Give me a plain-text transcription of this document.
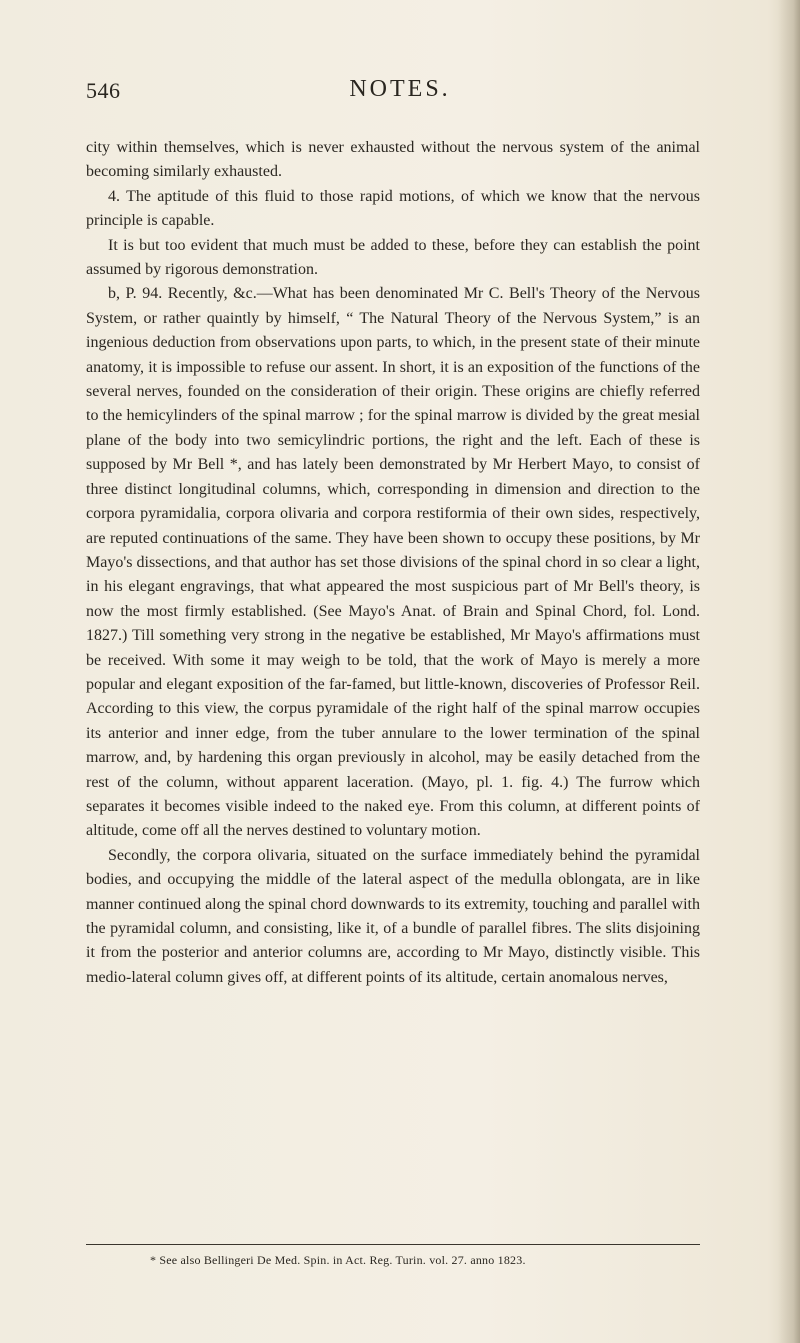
546	NOTES.

city within themselves, which is never exhausted without the nervous system of the animal becoming similarly exhausted.

4. The aptitude of this fluid to those rapid motions, of which we know that the nervous principle is capable.

It is but too evident that much must be added to these, before they can establish the point assumed by rigorous demonstration.

b, P. 94. Recently, &c.—What has been denominated Mr C. Bell's Theory of the Nervous System, or rather quaintly by himself, “ The Natural Theory of the Nervous System,” is an ingenious deduction from observations upon parts, to which, in the present state of their minute anatomy, it is impossible to refuse our assent. In short, it is an exposition of the functions of the several nerves, founded on the consideration of their origin. These origins are chiefly referred to the hemicylinders of the spinal marrow ; for the spinal marrow is divided by the great mesial plane of the body into two semicylindric portions, the right and the left. Each of these is supposed by Mr Bell *, and has lately been demonstrated by Mr Herbert Mayo, to consist of three distinct longitudinal columns, which, corresponding in dimension and direction to the corpora pyramidalia, corpora olivaria and corpora restiformia of their own sides, respectively, are reputed continuations of the same. They have been shown to occupy these positions, by Mr Mayo's dissections, and that author has set those divisions of the spinal chord in so clear a light, in his elegant engravings, that what appeared the most suspicious part of Mr Bell's theory, is now the most firmly established. (See Mayo's Anat. of Brain and Spinal Chord, fol. Lond. 1827.) Till something very strong in the negative be established, Mr Mayo's affirmations must be received. With some it may weigh to be told, that the work of Mayo is merely a more popular and elegant exposition of the far-famed, but little-known, discoveries of Professor Reil. According to this view, the corpus pyramidale of the right half of the spinal marrow occupies its anterior and inner edge, from the tuber annulare to the lower termination of the spinal marrow, and, by hardening this organ previously in alcohol, may be easily detached from the rest of the column, without apparent laceration. (Mayo, pl. 1. fig. 4.) The furrow which separates it becomes visible indeed to the naked eye. From this column, at different points of altitude, come off all the nerves destined to voluntary motion.

Secondly, the corpora olivaria, situated on the surface immediately behind the pyramidal bodies, and occupying the middle of the lateral aspect of the medulla oblongata, are in like manner continued along the spinal chord downwards to its extremity, touching and parallel with the pyramidal column, and consisting, like it, of a bundle of parallel fibres. The slits disjoining it from the posterior and anterior columns are, according to Mr Mayo, distinctly visible. This medio-lateral column gives off, at different points of its altitude, certain anomalous nerves,

* See also Bellingeri De Med. Spin. in Act. Reg. Turin. vol. 27. anno 1823.
